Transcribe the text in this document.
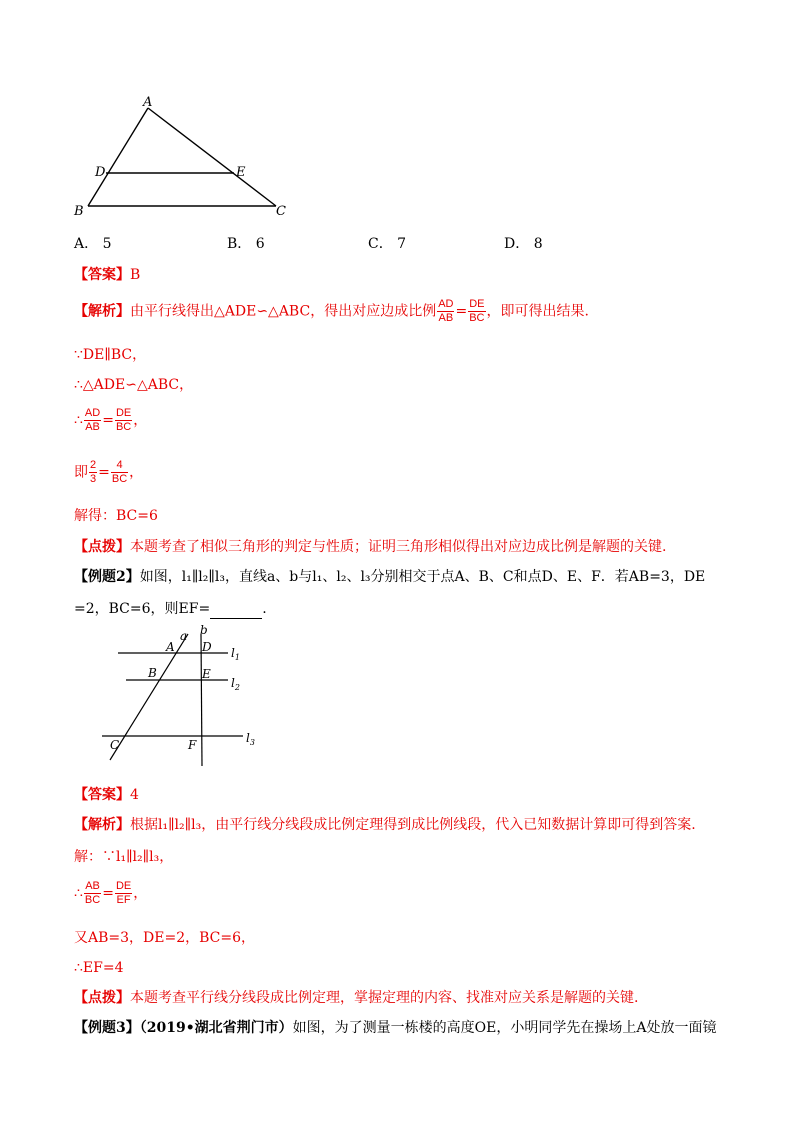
A
D	E
B	C
A． 5	B． 6	C． 7	D． 8
【答案】B
【解析】由平行线得出△ADE∽△ABC，得出对应边成比例 $\frac{AD}{AB} = \frac{DE}{BC}$ ，即可得出结果.
∵DE∥BC，
∴△ADE∽△ABC，
∴ $\frac{AD}{AB} = \frac{DE}{BC}$ ，
即 $\frac{2}{3} = \frac{4}{BC}$ ，
解得：BC=6
【点拨】本题考查了相似三角形的判定与性质；证明三角形相似得出对应边成比例是解题的关键.
【例题2】如图，l₁∥l₂∥l₃，直线a、b与l₁、l₂、l₃分别相交于点A、B、C和点D、E、F．若AB=3，DE
=2，BC=6，则EF=	.
a b
A D
B	E
C	F
$l_1$
$l_2$
$l_3$
【答案】4
【解析】根据l₁∥l₂∥l₃，由平行线分线段成比例定理得到成比例线段，代入已知数据计算即可得到答案.
解：∵l₁∥l₂∥l₃，
∴ $\frac{AB}{BC} = \frac{DE}{EF}$ ，
又AB=3，DE=2，BC=6，
∴EF=4
【点拨】本题考查平行线分线段成比例定理，掌握定理的内容、找准对应关系是解题的关键.
【例题3】（2019•湖北省荆门市）如图，为了测量一栋楼的高度OE，小明同学先在操场上A处放一面镜
